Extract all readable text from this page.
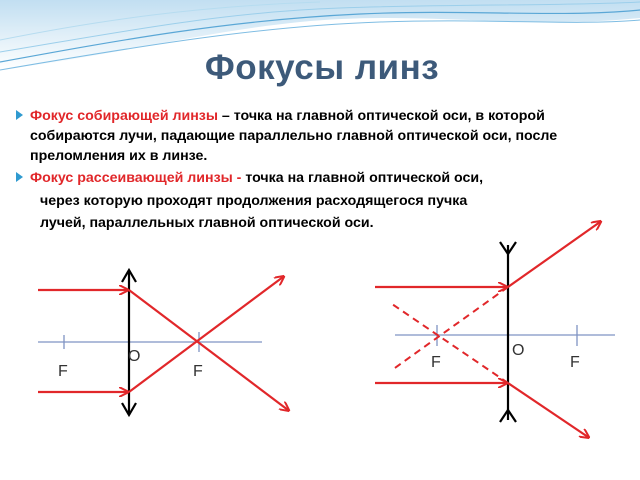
Фокусы линз
Фокус собирающей линзы – точка на главной оптической оси, в которой собираются лучи, падающие параллельно главной оптической оси, после преломления их в линзе.
Фокус рассеивающей линзы - точка на главной оптической оси,
через которую проходят продолжения расходящегося пучка
лучей, параллельных главной оптической оси.
O
F	F
O
F	F
